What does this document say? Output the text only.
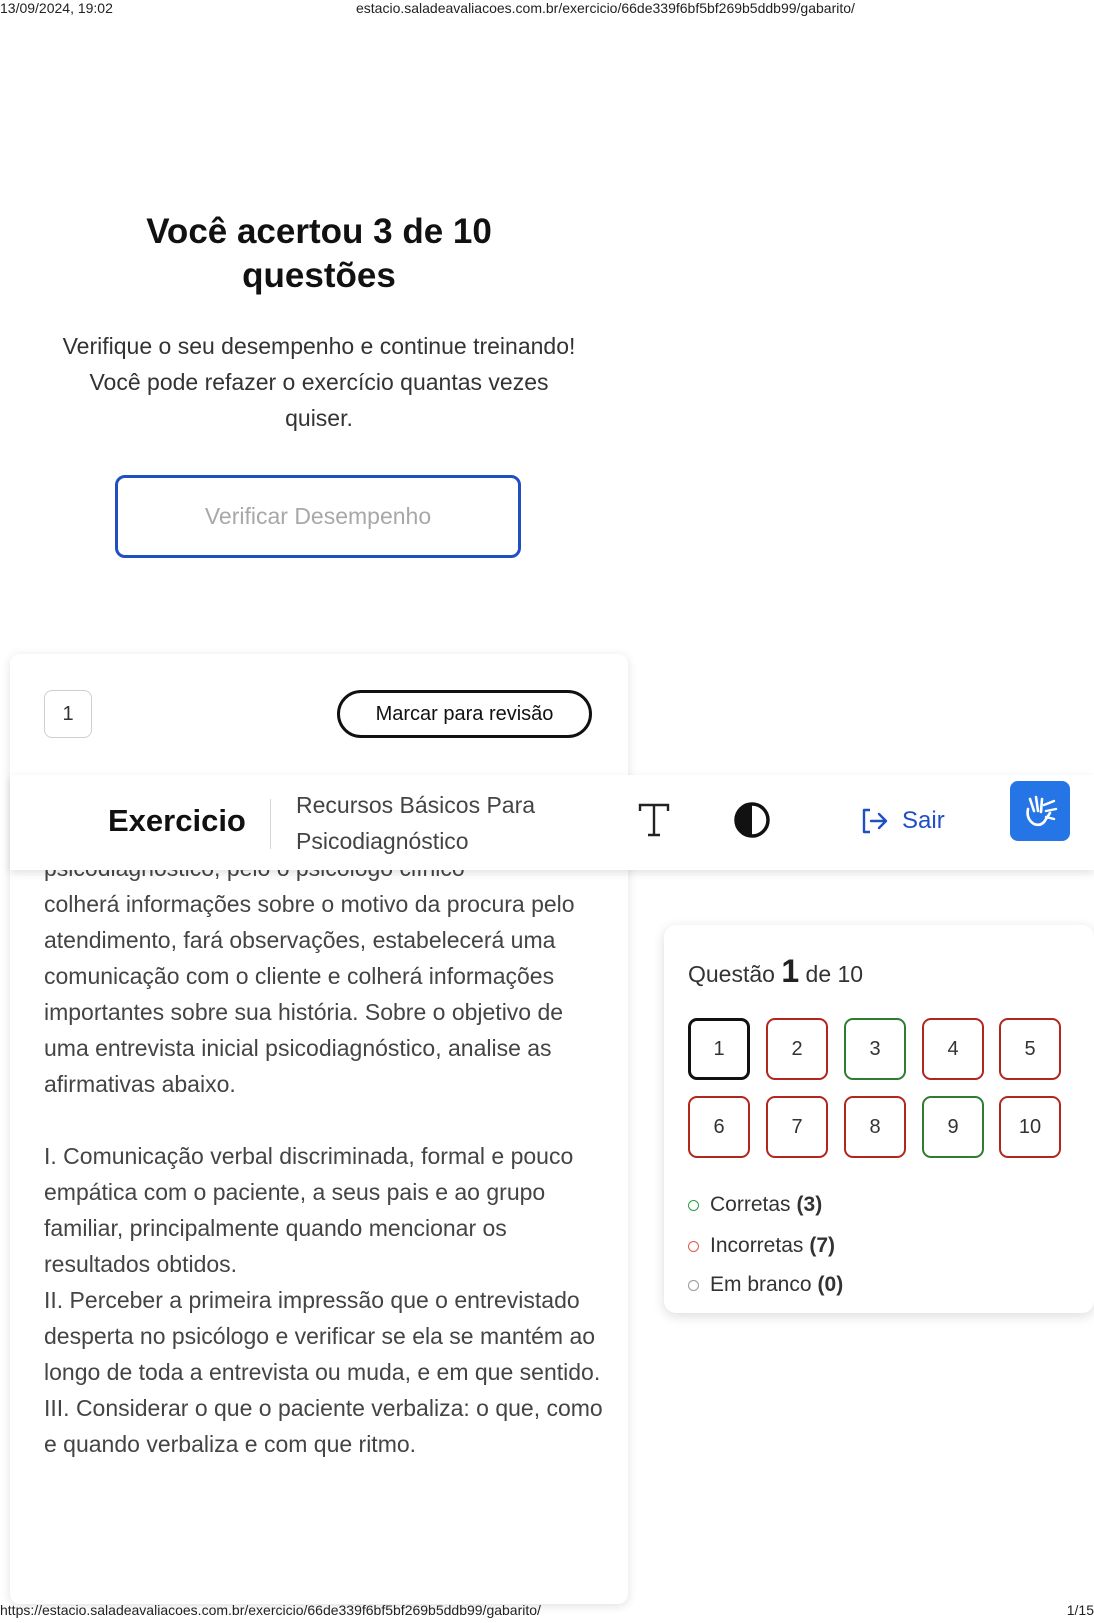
13/09/2024, 19:02	estacio.saladeavaliacoes.com.br/exercicio/66de339f6bf5bf269b5ddb99/gabarito/
Você acertou 3 de 10 questões

Verifique o seu desempenho e continue treinando! Você pode refazer o exercício quantas vezes quiser.

Verificar Desempenho
1	Marcar para revisão

colherá informações sobre o motivo da procura pelo atendimento, fará observações, estabelecerá uma comunicação com o cliente e colherá informações importantes sobre sua história. Sobre o objetivo de uma entrevista inicial psicodiagnóstico, analise as afirmativas abaixo.

I. Comunicação verbal discriminada, formal e pouco empática com o paciente, a seus pais e ao grupo familiar, principalmente quando mencionar os resultados obtidos.

II. Perceber a primeira impressão que o entrevistado desperta no psicólogo e verificar se ela se mantém ao longo de toda a entrevista ou muda, e em que sentido.

III. Considerar o que o paciente verbaliza: o que, como e quando verbaliza e com que ritmo.

Exercicio Recursos Básicos Para Psicodiagnóstico
Sair
Questão 1 de 10
1	2	3	4	5
6	7	8	9	10
Corretas (3)
Incorretas (7)
Em branco (0)
https://estacio.saladeavaliacoes.com.br/exercicio/66de339f6bf5bf269b5ddb99/gabarito/	1/15
